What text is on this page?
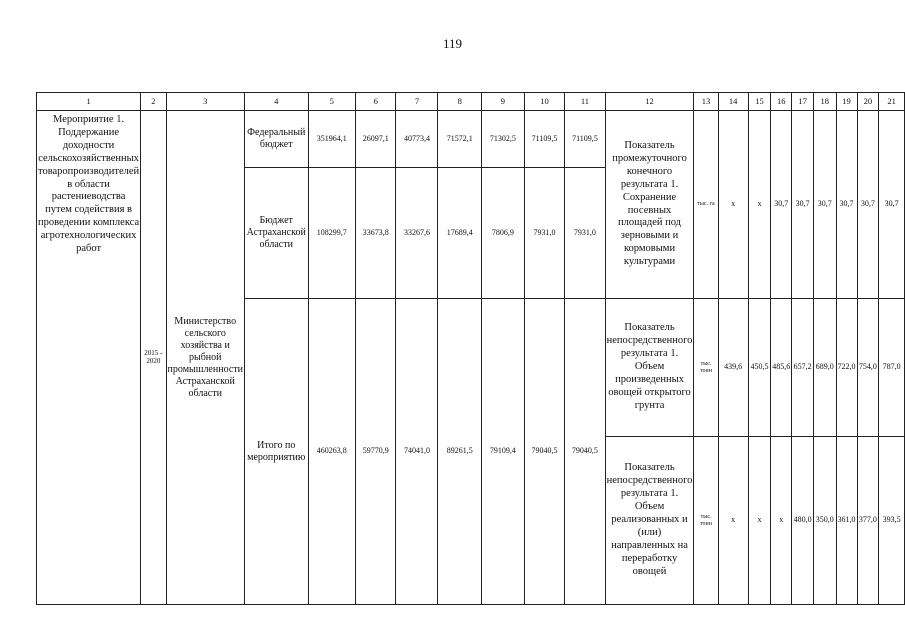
119
1	2	3	4	5	6	7	8	9	10	11	12	13	14	15	16	17	18	19	20	21
Мероприятие 1. Поддержание доходности сельскохозяйственных товаропроизводителей в области растениеводства путем содействия в проведении комплекса агротехнологических работ	2015 - 2020	Министерство сельского хозяйства и рыбной промышленности Астраханской области	Федеральный бюджет	351964,1	26097,1	40773,4	71572,1	71302,5	71109,5	71109,5	Показатель промежуточного конечного результата 1. Сохранение посевных площадей под зерновыми и кормовыми культурами	тыс. га	x	x	30,7	30,7	30,7	30,7	30,7	30,7
			Бюджет Астраханской области	108299,7	33673,8	33267,6	17689,4	7806,9	7931,0	7931,0										
			Итого по мероприятию	460263,8	59770,9	74041,0	89261,5	79109,4	79040,5	79040,5	Показатель непосредственного результата 1. Объем произведенных овощей открытого грунта	тыс. тонн	439,6	450,5	485,6	657,2	689,0	722,0	754,0	787,0
											Показатель непосредственного результата 1. Объем реализованных и (или) направленных на переработку овощей	тыс. тонн	x	x	x	480,0	350,0	361,0	377,0	393,5
